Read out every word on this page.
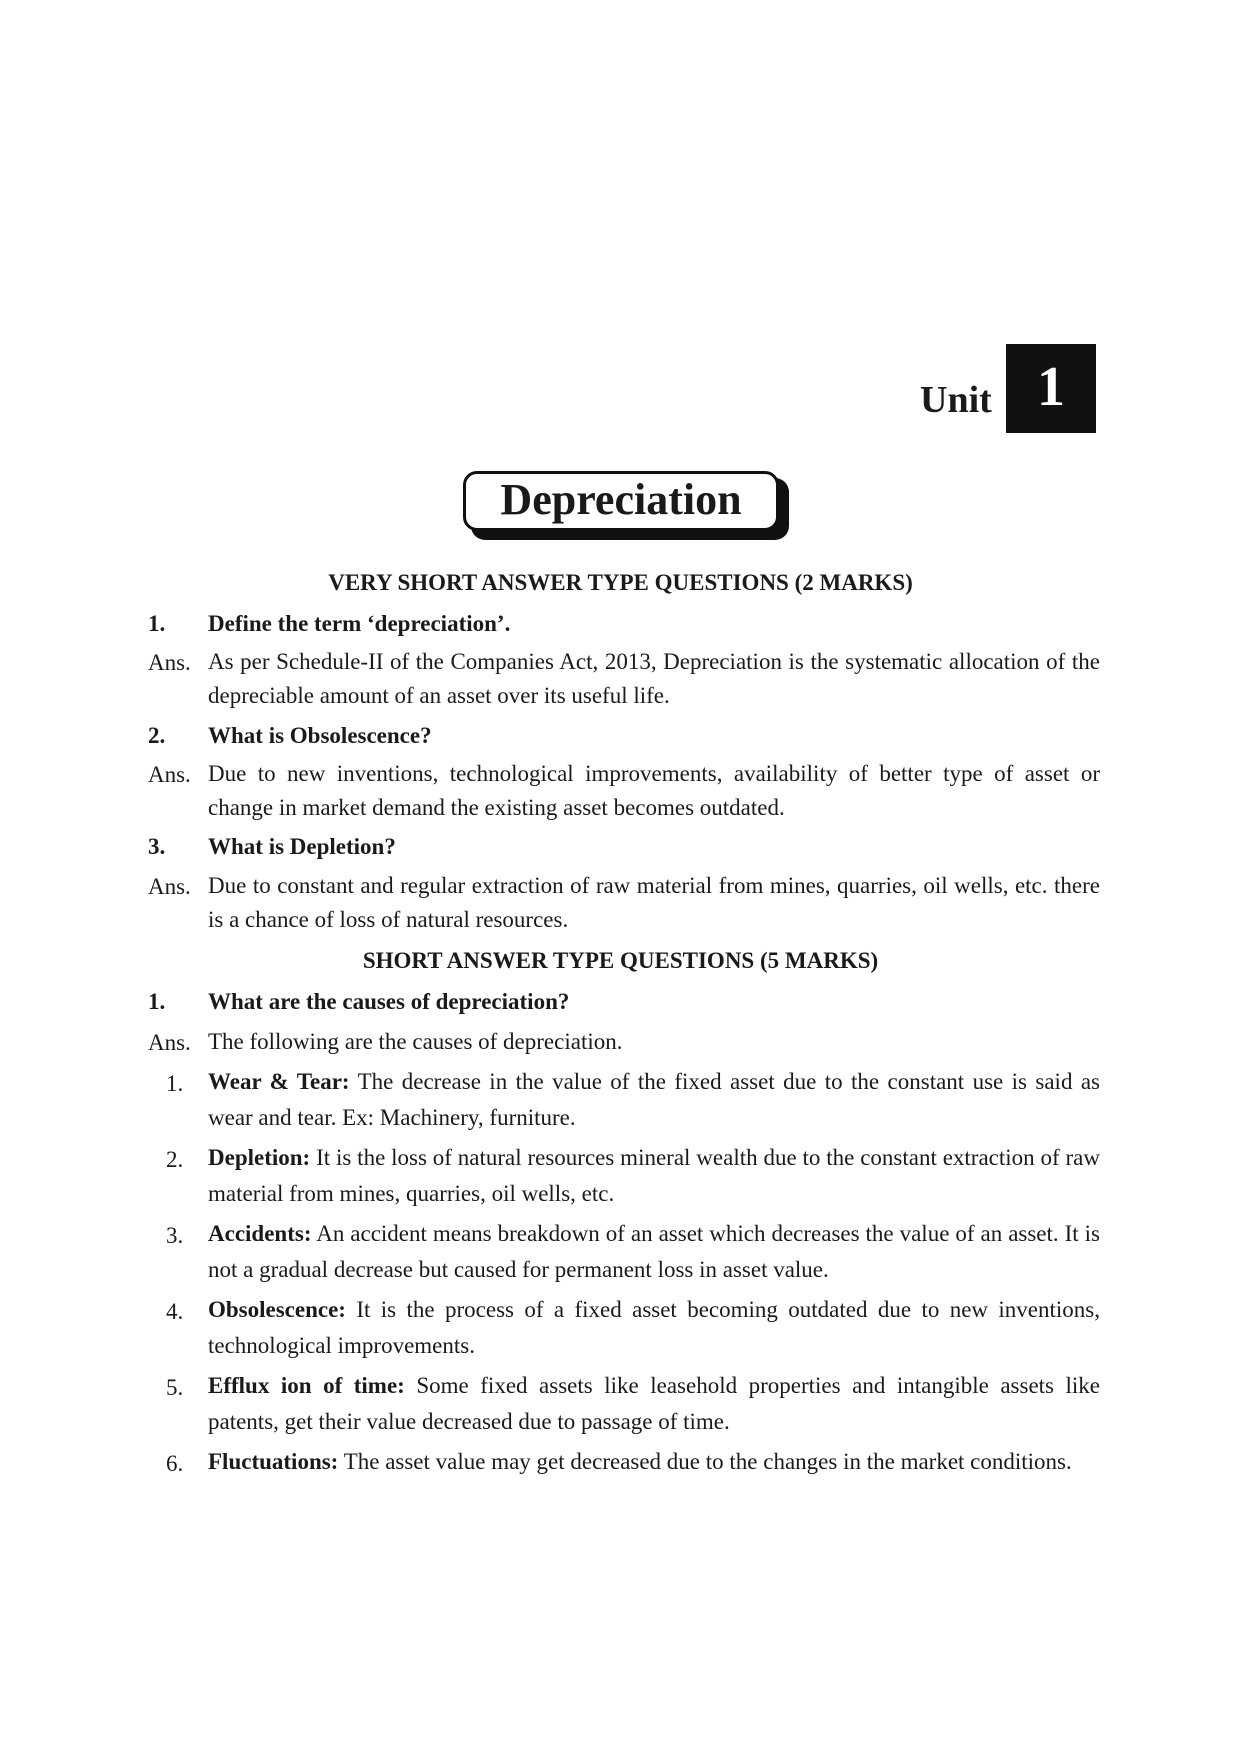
Unit 1
Depreciation
VERY SHORT ANSWER TYPE QUESTIONS (2 MARKS)
1. Define the term ‘depreciation’.
Ans. As per Schedule-II of the Companies Act, 2013, Depreciation is the systematic allocation of the depreciable amount of an asset over its useful life.
2. What is Obsolescence?
Ans. Due to new inventions, technological improvements, availability of better type of asset or change in market demand the existing asset becomes outdated.
3. What is Depletion?
Ans. Due to constant and regular extraction of raw material from mines, quarries, oil wells, etc. there is a chance of loss of natural resources.
SHORT ANSWER TYPE QUESTIONS (5 MARKS)
1. What are the causes of depreciation?
Ans. The following are the causes of depreciation.
1. Wear & Tear: The decrease in the value of the fixed asset due to the constant use is said as wear and tear. Ex: Machinery, furniture.
2. Depletion: It is the loss of natural resources mineral wealth due to the constant extraction of raw material from mines, quarries, oil wells, etc.
3. Accidents: An accident means breakdown of an asset which decreases the value of an asset. It is not a gradual decrease but caused for permanent loss in asset value.
4. Obsolescence: It is the process of a fixed asset becoming outdated due to new inventions, technological improvements.
5. Efflux ion of time: Some fixed assets like leasehold properties and intangible assets like patents, get their value decreased due to passage of time.
6. Fluctuations: The asset value may get decreased due to the changes in the market conditions.
